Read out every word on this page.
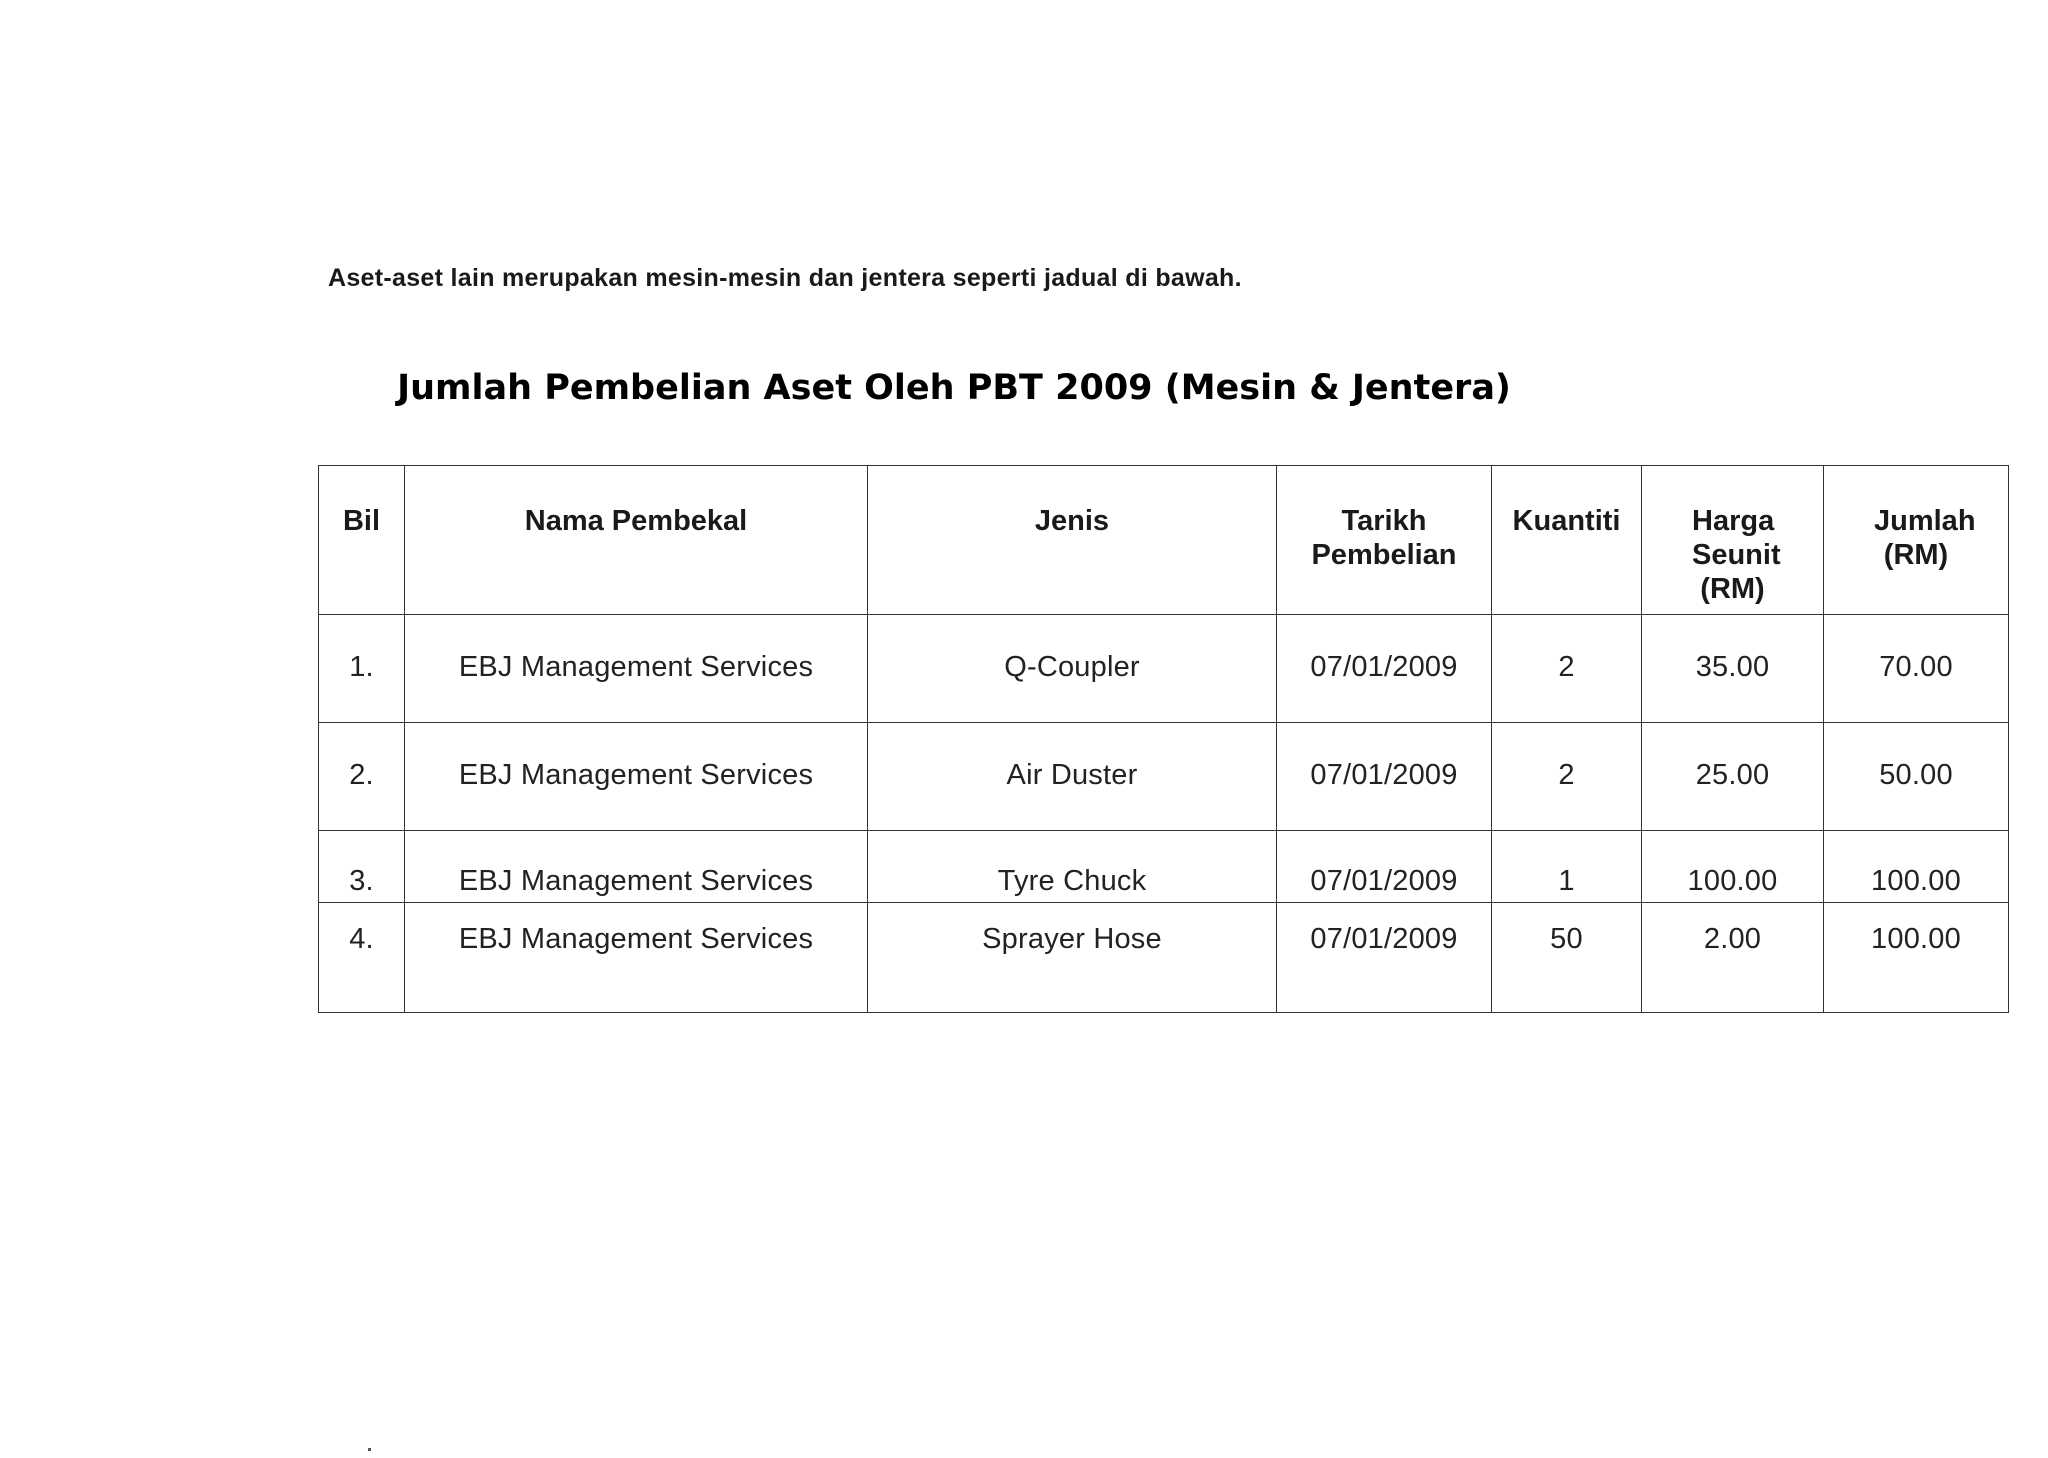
Aset-aset lain merupakan mesin-mesin dan jentera seperti jadual di bawah.
Jumlah Pembelian Aset Oleh PBT 2009 (Mesin & Jentera)
Bil	Nama Pembekal	Jenis	Tarikh Pembelian	Kuantiti	Harga Seunit (RM)	Jumlah (RM)
1.	EBJ Management Services	Q-Coupler	07/01/2009	2	35.00	70.00
2.	EBJ Management Services	Air Duster	07/01/2009	2	25.00	50.00
3.	EBJ Management Services	Tyre Chuck	07/01/2009	1	100.00	100.00
4.	EBJ Management Services	Sprayer Hose	07/01/2009	50	2.00	100.00
